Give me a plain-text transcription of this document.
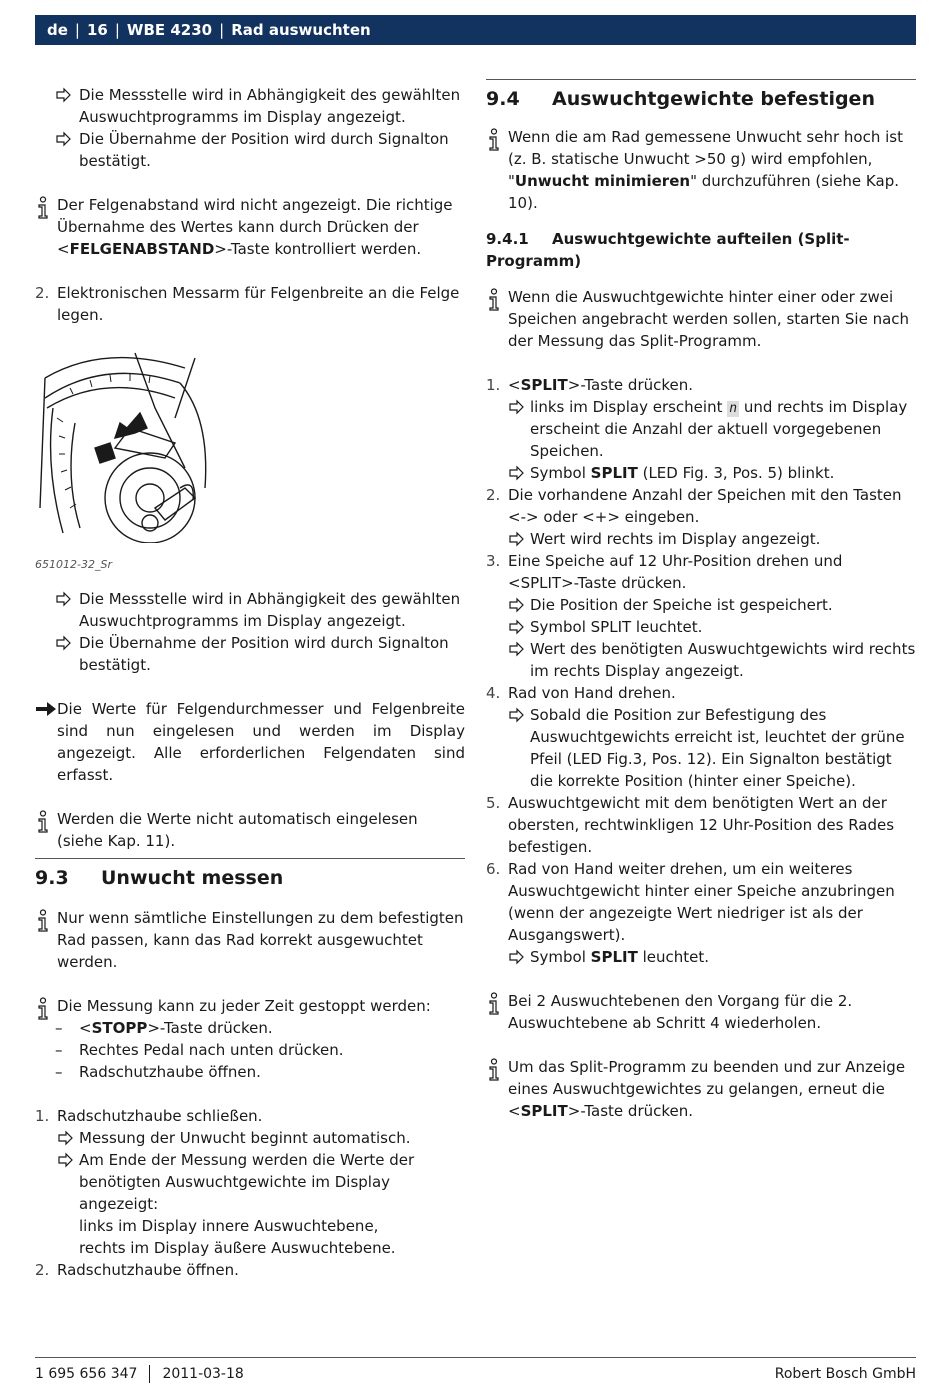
de | 16 | WBE 4230 | Rad auswuchten

Die Messstelle wird in Abhängigkeit des gewählten Auswuchtprogramms im Display angezeigt.

Die Übernahme der Position wird durch Signalton bestätigt.

Der Felgenabstand wird nicht angezeigt. Die richtige Übernahme des Wertes kann durch Drücken der <FELGENABSTAND>-Taste kontrolliert werden.

2. Elektronischen Messarm für Felgenbreite an die Felge legen.

651012-32_Sr

Die Messstelle wird in Abhängigkeit des gewählten Auswuchtprogramms im Display angezeigt.

Die Übernahme der Position wird durch Signalton bestätigt.

Die Werte für Felgendurchmesser und Felgenbreite sind nun eingelesen und werden im Display angezeigt. Alle erforderlichen Felgendaten sind erfasst.

Werden die Werte nicht automatisch eingelesen (siehe Kap. 11).

9.3 Unwucht messen

Nur wenn sämtliche Einstellungen zu dem befestigten Rad passen, kann das Rad korrekt ausgewuchtet werden.

Die Messung kann zu jeder Zeit gestoppt werden:

– <STOPP>-Taste drücken.

– Rechtes Pedal nach unten drücken.

– Radschutzhaube öffnen.

1. Radschutzhaube schließen.

Messung der Unwucht beginnt automatisch.

Am Ende der Messung werden die Werte der benötigten Auswuchtgewichte im Display angezeigt:

links im Display innere Auswuchtebene,

rechts im Display äußere Auswuchtebene.

2. Radschutzhaube öffnen.

9.4 Auswuchtgewichte befestigen

Wenn die am Rad gemessene Unwucht sehr hoch ist (z. B. statische Unwucht >50 g) wird empfohlen, "Unwucht minimieren" durchzuführen (siehe Kap. 10).

9.4.1 Auswuchtgewichte aufteilen (Split-Programm)

Wenn die Auswuchtgewichte hinter einer oder zwei Speichen angebracht werden sollen, starten Sie nach der Messung das Split-Programm.

1. <SPLIT>-Taste drücken.

links im Display erscheint n und rechts im Display erscheint die Anzahl der aktuell vorgegebenen Speichen.

Symbol SPLIT (LED Fig. 3, Pos. 5) blinkt.

2. Die vorhandene Anzahl der Speichen mit den Tasten <-> oder <+> eingeben.

Wert wird rechts im Display angezeigt.

3. Eine Speiche auf 12 Uhr-Position drehen und <SPLIT>-Taste drücken.

Die Position der Speiche ist gespeichert.

Symbol SPLIT leuchtet.

Wert des benötigten Auswuchtgewichts wird rechts im rechts Display angezeigt.

4. Rad von Hand drehen.

Sobald die Position zur Befestigung des Auswuchtgewichts erreicht ist, leuchtet der grüne Pfeil (LED Fig.3, Pos. 12). Ein Signalton bestätigt die korrekte Position (hinter einer Speiche).

5. Auswuchtgewicht mit dem benötigten Wert an der obersten, rechtwinkligen 12 Uhr-Position des Rades befestigen.

6. Rad von Hand weiter drehen, um ein weiteres Auswuchtgewicht hinter einer Speiche anzubringen (wenn der angezeigte Wert niedriger ist als der Ausgangswert).

Symbol SPLIT leuchtet.

Bei 2 Auswuchtebenen den Vorgang für die 2. Auswuchtebene ab Schritt 4 wiederholen.

Um das Split-Programm zu beenden und zur Anzeige eines Auswuchtgewichtes zu gelangen, erneut die <SPLIT>-Taste drücken.

1 695 656 347 2011-03-18	Robert Bosch GmbH
